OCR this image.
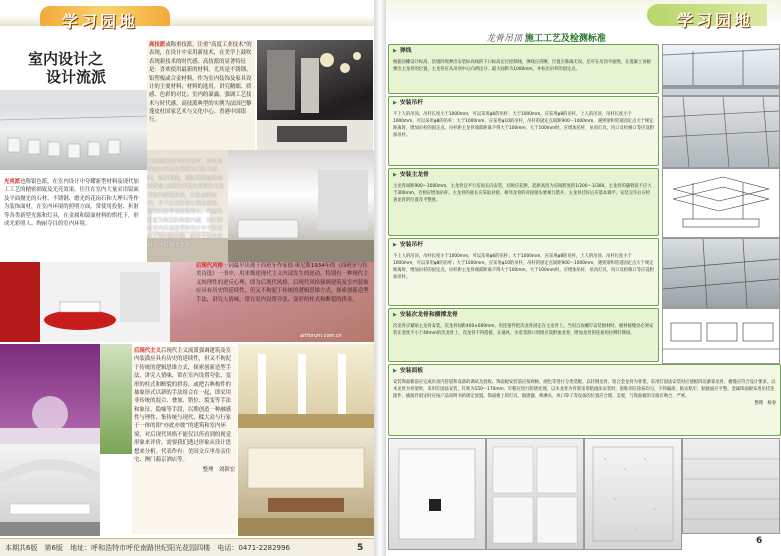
学习园地
室内设计之
设计流派
高技派或称重技派，注重“高度工业技术”的表现，在设计中采用新技术，在美学上鼓吹表现新技术的时代感。高技派的显著特征是：喜欢使用最新的材料，尤其是不锈钢、铝塑板或合金材料，作为室内装饰及家具设计的主要材料；材料的选用，讲究精细、质感、色彩的对比；室内的暴露，强调工艺技术与时代感。高技派典型的实例为法国巴黎蓬皮杜国家艺术与文化中心、香港中国银行。
白色派的室内朴实无华，室内各界面以至家具等常以白色为基调，简洁明确，例如美国建筑师理查德·迈耶设计的史密斯住宅及其室内即属此例。白色派的室内，并不仅仅停留在简化装饰、选用白色等表面处理上，而是具有更为深层的构思内涵，设计师在室内环境造型和设计中不仅考虑了室内的环境，而且十分注意和室外景观的联系。
光亮派也称银色派，在室内设计中夸耀新型材料及现代加工工艺的精密细致及光亮效果，往往在室内大量采用镜面及平面抛光的石材、不锈钢、磨光的花岗石和大理石等作为装饰面材，在室内环境的照明方面，常使用投射、折射等各类新型光源和灯具，在金属和镜面材料的烘托下，形成光彩照人、绚丽夺目的室内环境。
后现代风格一词最早出现于西班牙作家德·奥尼斯1934年的《西班牙与拉美诗选》一书中，用来描述现代主义内部发生的逆动，特别有一种现代主义纯理性的逆反心理，即为后现代风格。后现代风格强调建筑及室内装饰应具有历史的延续性，但又不拘泥于传统的逻辑思维方式，探索创新造型手法，讲究人情味，常在室内设置夸张、变形的柱式和断裂的拱券。
artforum.com.cn
后现代主义后现代主义流派强调建筑及室内装潢应具有历史的延续性，但又不拘泥于传统的逻辑思维方式，探索创新造型手法，讲究人情味，常在室内设置夸张、变形的柱式和断裂的拱券，或把古典构件的抽象形式以新的手法组合在一起，即采用非传统的混合、叠加、错位、裂变等手法和象征、隐喻等手段，以期创造一种融感性与理性、集传统与现代、糅大众与行家于一体的即“亦此亦彼”的建筑和室内环境。对后现代风格不能仅以所看到的视觉形象来评价，需要我们透过形象从设计思想来分析。代表作有：美国文丘里母亲住宅、澳门葡京酒店等。
整理　刘新宏
本期共6版　第6版 地址：呼和浩特市呼伦南路世纪阳光花园四楼 电话：0471-2282996	5
学习园地
龙骨吊顶 施工工艺及检测标准
▶ 弹线
根据顶棚设计标高，沿墙四周弹出安装标高线的下口标高定位控制线，弹线应清晰，位置应准确无误。还可在吊顶平面图，在混凝土顶板弹出主龙骨的位置。主龙骨应从吊顶中心向两边分，最大间距为1000mm，并标出吊杆的固定点。
▶ 安装吊杆
不上人的吊顶，吊杆长度小于1000mm，可以采用φ6的吊杆；大于1000mm，应采用φ8的吊杆，上人的吊顶，吊杆长度小于1000mm，可以采用φ8的吊杆；大于1000mm，应采用φ10的吊杆，吊杆的固定点间距900～1000mm，遇到梁和管道固定点大于规定距离时，增加吊杆的固定点。吊杆距主龙骨端部距离不得大于100mm，大于100mm时，应增加吊杆，吊顶灯具、风口及检修口等应设附加吊杆。
▶ 安装主龙骨
主龙骨间距900～1000mm，主龙骨宜平行房间长向安装，同时应起拱，起拱高度为房间跨度的1/200～1/300。主龙骨的悬臂段不应大于300mm，否则应增加吊杆。主龙骨的接长应采取对接，相邻龙骨的对接接头要相互错开。主龙骨挂好后应基本调平。安装完毕后应检查龙骨的位置及平整度。
▶ 安装吊杆
不上人的吊顶，吊杆长度小于1000mm，可以采用φ6的吊杆；大于1000mm，应采用φ8的吊杆，上人的吊顶，吊杆长度小于1000mm，可以采用φ8的吊杆；大于1000mm，应采用φ10的吊杆，吊杆的固定点间距900～1000mm，遇到梁和管道固定点大于规定距离时，增加吊杆的固定点。吊杆距主龙骨端部距离不得大于100mm，大于100mm时，应增加吊杆，吊顶灯具、风口及检修口等应设附加吊杆。
▶ 安装次龙骨和横撑龙骨
次龙骨应紧贴主龙骨安装，次龙骨间距400×600mm，用连接件把次龙骨固定在主龙骨上。当用自攻螺钉安装板材时，板材接缝处必须安装在宽度不小于40mm的次龙骨上，次龙骨不得搭接，在通风、水电等洞口周围应设附加龙骨，附加龙骨的连接用拉铆钉铆固。
▶ 安装面板
安装饰面板前应完成吊顶内管道和设备的调试及验收。饰面板安装前应按规格、颜色等进行分类选配。以轻钢龙骨、铝合金龙骨为骨架，采用钉固法安装时应使板四边紧靠龙骨，板缝应符合设计要求。以木龙骨为骨架时，采用钉固法安装，钉距为150～170mm，钉帽应进行防锈处理。以木龙骨为骨架采用粘接法安装时，胶粘剂应涂抹均匀，不得漏涂，粘实粘牢，粘接面应平整。金属饰面板采用吊挂连接件、插接件固定时应按产品说明书的规定放置。饰面板上的灯具、烟感器、喷淋头、风口箅子等设备的位置应合理、美观，与饰面板的交接应吻合、严密。
整理　杨春
6
